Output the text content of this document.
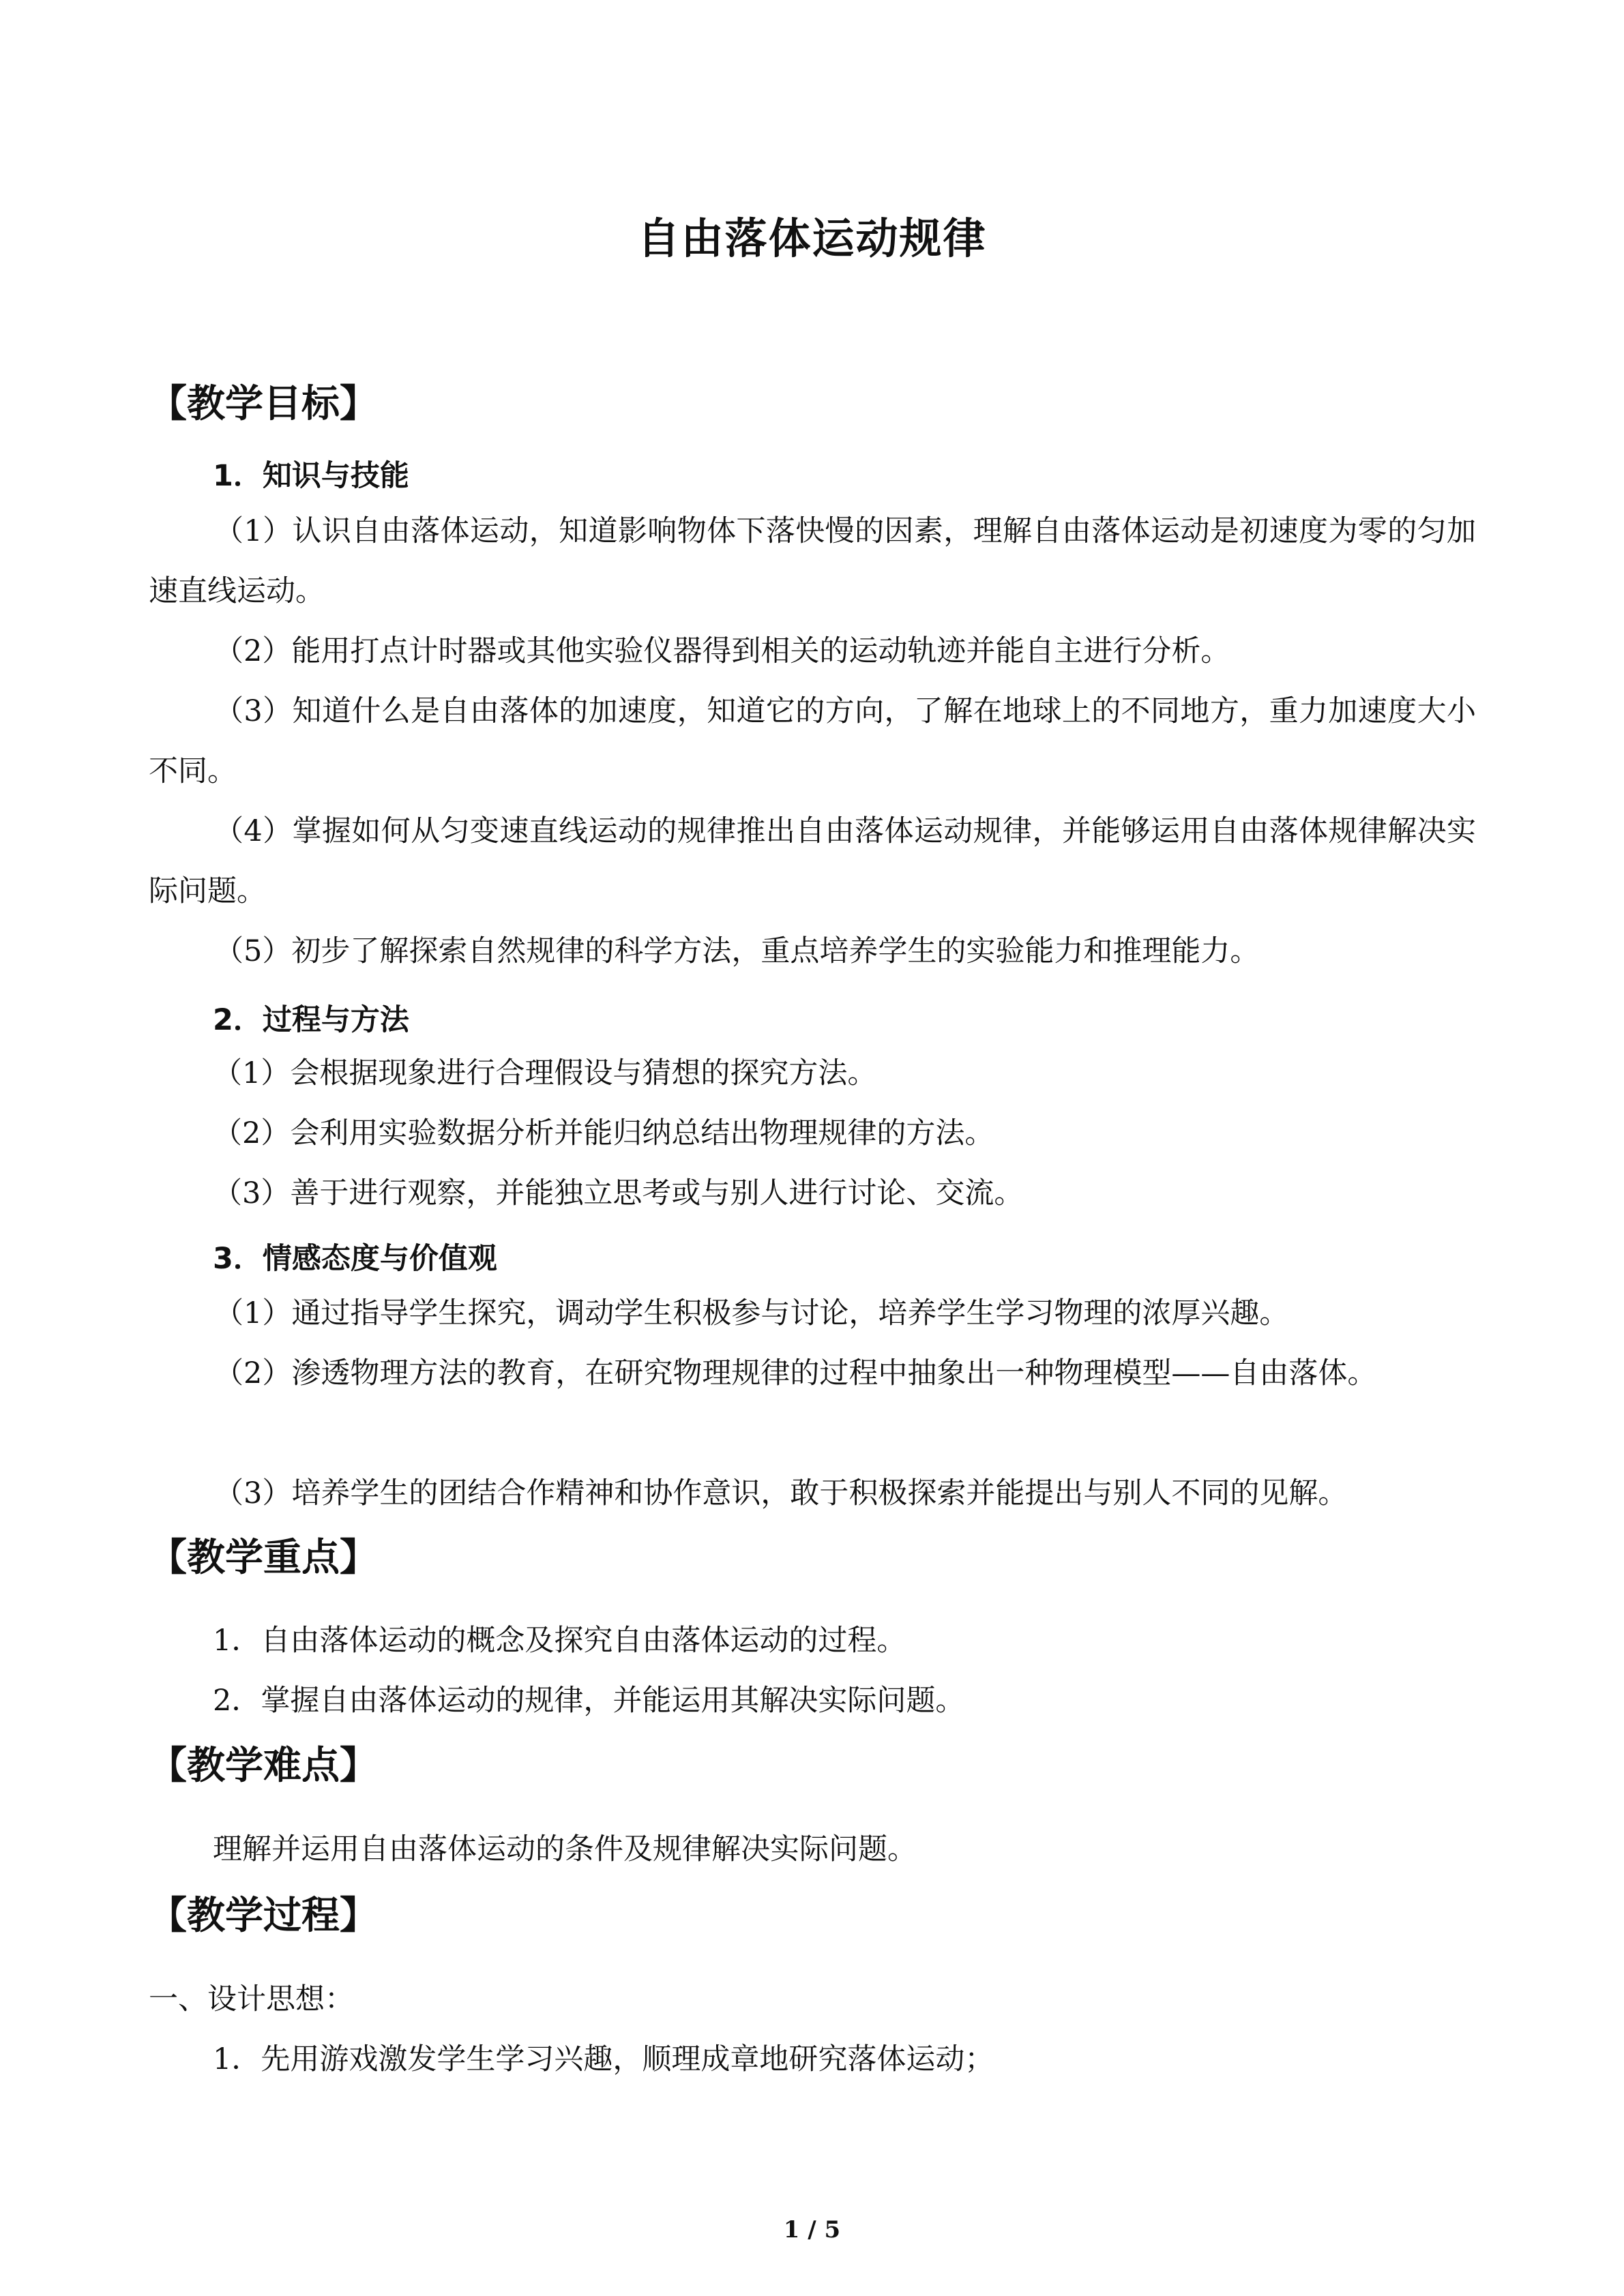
自由落体运动规律
【教学目标】
1．知识与技能
（1）认识自由落体运动，知道影响物体下落快慢的因素，理解自由落体运动是初速度为零的匀加速直线运动。
（2）能用打点计时器或其他实验仪器得到相关的运动轨迹并能自主进行分析。
（3）知道什么是自由落体的加速度，知道它的方向，了解在地球上的不同地方，重力加速度大小不同。
（4）掌握如何从匀变速直线运动的规律推出自由落体运动规律，并能够运用自由落体规律解决实际问题。
（5）初步了解探索自然规律的科学方法，重点培养学生的实验能力和推理能力。
2．过程与方法
（1）会根据现象进行合理假设与猜想的探究方法。
（2）会利用实验数据分析并能归纳总结出物理规律的方法。
（3）善于进行观察，并能独立思考或与别人进行讨论、交流。
3．情感态度与价值观
（1）通过指导学生探究，调动学生积极参与讨论，培养学生学习物理的浓厚兴趣。
（2）渗透物理方法的教育，在研究物理规律的过程中抽象出一种物理模型——自由落体。
（3）培养学生的团结合作精神和协作意识，敢于积极探索并能提出与别人不同的见解。
【教学重点】
1．自由落体运动的概念及探究自由落体运动的过程。
2．掌握自由落体运动的规律，并能运用其解决实际问题。
【教学难点】
理解并运用自由落体运动的条件及规律解决实际问题。
【教学过程】
一、设计思想：
1．先用游戏激发学生学习兴趣，顺理成章地研究落体运动；
1 / 5
